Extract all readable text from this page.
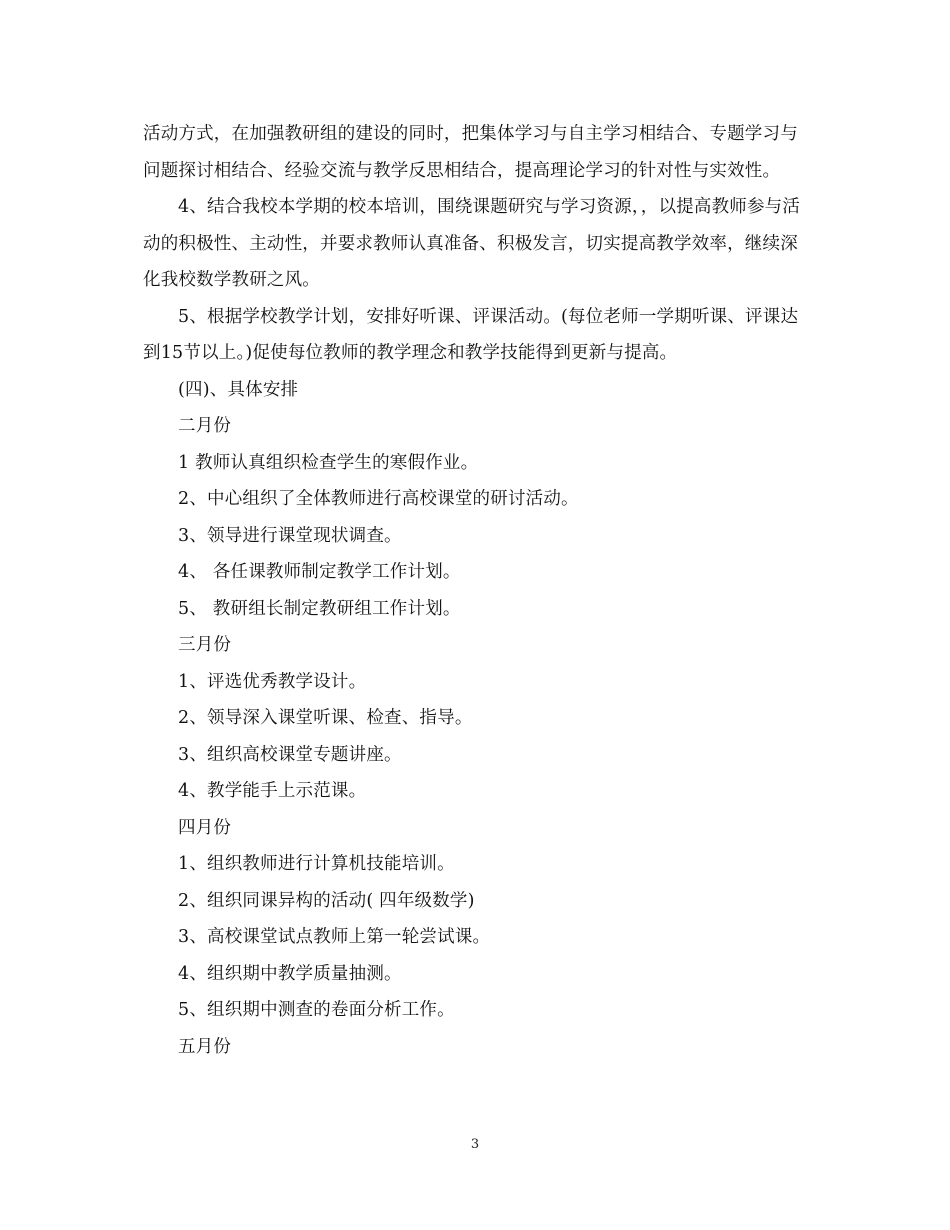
活动方式，在加强教研组的建设的同时，把集体学习与自主学习相结合、专题学习与问题探讨相结合、经验交流与教学反思相结合，提高理论学习的针对性与实效性。

4、结合我校本学期的校本培训，围绕课题研究与学习资源，，以提高教师参与活动的积极性、主动性，并要求教师认真准备、积极发言，切实提高教学效率，继续深化我校数学教研之风。

5、根据学校教学计划，安排好听课、评课活动。(每位老师一学期听课、评课达到15节以上。)促使每位教师的教学理念和教学技能得到更新与提高。

(四)、具体安排
二月份
1 教师认真组织检查学生的寒假作业。
2、中心组织了全体教师进行高校课堂的研讨活动。
3、领导进行课堂现状调查。
4、 各任课教师制定教学工作计划。
5、 教研组长制定教研组工作计划。
三月份
1、评选优秀教学设计。
2、领导深入课堂听课、检查、指导。
3、组织高校课堂专题讲座。
4、教学能手上示范课。
四月份
1、组织教师进行计算机技能培训。
2、组织同课异构的活动( 四年级数学)
3、高校课堂试点教师上第一轮尝试课。
4、组织期中教学质量抽测。
5、组织期中测查的卷面分析工作。
五月份
3
